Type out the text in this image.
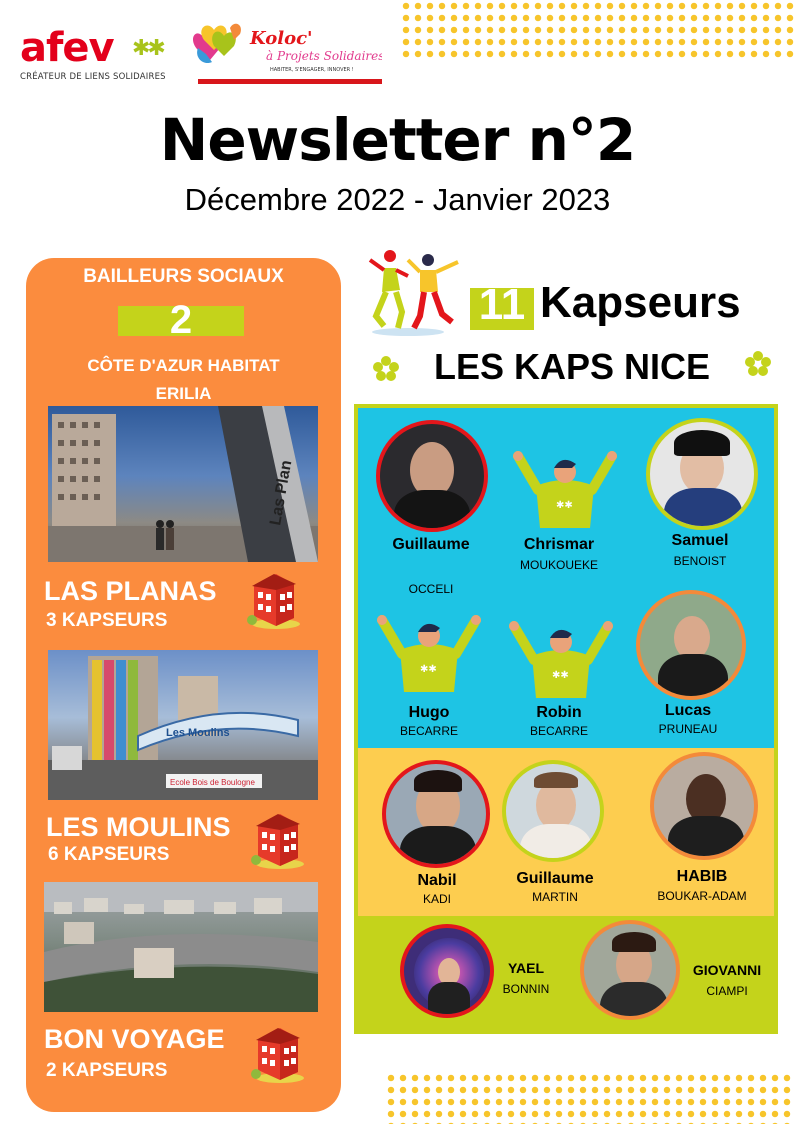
afev ✱✱
CRÉATEUR DE LIENS SOLIDAIRES
Koloc'
à Projets Solidaires
HABITER, S'ENGAGER, INNOVER !
Newsletter n°2
Décembre 2022 - Janvier 2023
BAILLEURS SOCIAUX
2
CÔTE D'AZUR HABITAT
ERILIA
Las Plan
LAS PLANAS
3 KAPSEURS
Les Moulins
Ecole Bois de Boulogne
LES MOULINS
6 KAPSEURS
BON VOYAGE
2 KAPSEURS
11 Kapseurs
LES KAPS NICE
Guillaume
OCCELI
✱✱
Chrismar
MOUKOUEKE
Samuel
BENOIST
✱✱
Hugo
BECARRE
✱✱
Robin
BECARRE
Lucas
PRUNEAU
Nabil
KADI
Guillaume
MARTIN
HABIB
BOUKAR-ADAM
YAEL
BONNIN
GIOVANNI
CIAMPI
